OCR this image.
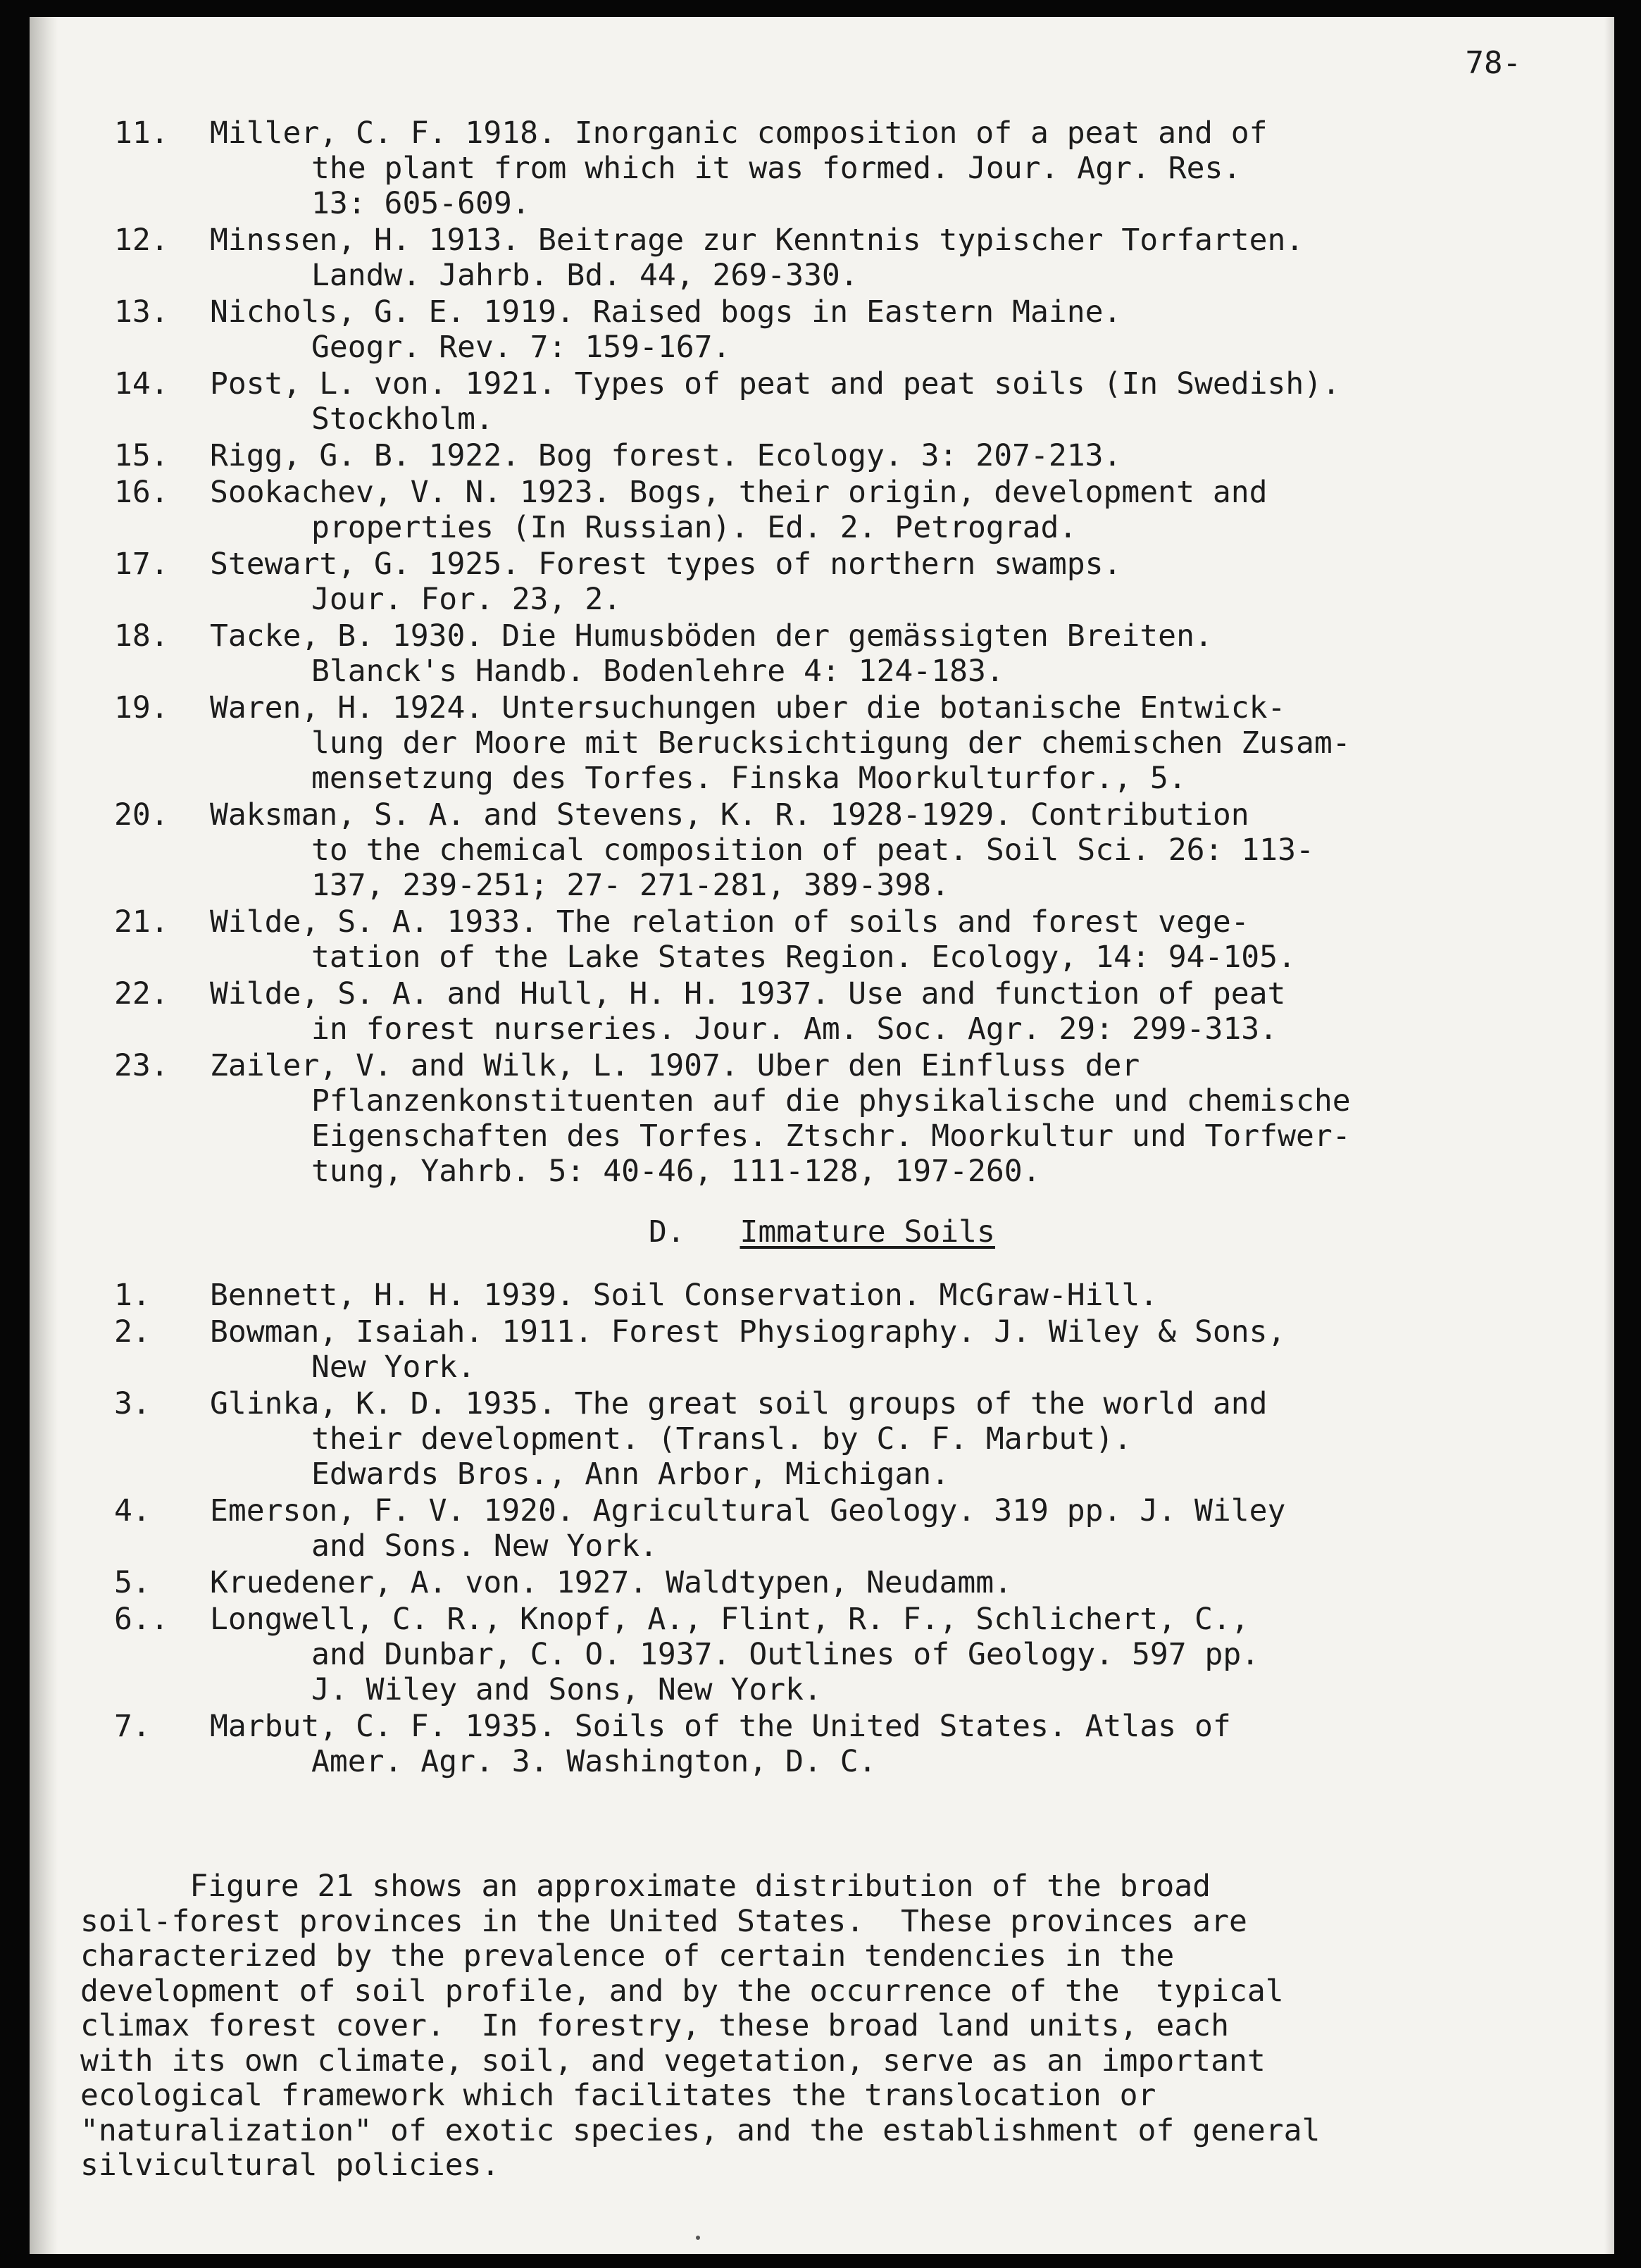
78-
11. Miller, C. F. 1918. Inorganic composition of a peat and of

the plant from which it was formed. Jour. Agr. Res.

13: 605-609.

12. Minssen, H. 1913. Beitrage zur Kenntnis typischer Torfarten.

Landw. Jahrb. Bd. 44, 269-330.

13. Nichols, G. E. 1919. Raised bogs in Eastern Maine.

Geogr. Rev. 7: 159-167.

14. Post, L. von. 1921. Types of peat and peat soils (In Swedish).

Stockholm.

15. Rigg, G. B. 1922. Bog forest. Ecology. 3: 207-213.

16. Sookachev, V. N. 1923. Bogs, their origin, development and

properties (In Russian). Ed. 2. Petrograd.

17. Stewart, G. 1925. Forest types of northern swamps.

Jour. For. 23, 2.

18. Tacke, B. 1930. Die Humusböden der gemässigten Breiten.

Blanck's Handb. Bodenlehre 4: 124-183.

19. Waren, H. 1924. Untersuchungen uber die botanische Entwick-

lung der Moore mit Berucksichtigung der chemischen Zusam-

mensetzung des Torfes. Finska Moorkulturfor., 5.

20. Waksman, S. A. and Stevens, K. R. 1928-1929. Contribution

to the chemical composition of peat. Soil Sci. 26: 113-

137, 239-251; 27- 271-281, 389-398.

21. Wilde, S. A. 1933. The relation of soils and forest vege-

tation of the Lake States Region. Ecology, 14: 94-105.

22. Wilde, S. A. and Hull, H. H. 1937. Use and function of peat

in forest nurseries. Jour. Am. Soc. Agr. 29: 299-313.

23. Zailer, V. and Wilk, L. 1907. Uber den Einfluss der

Pflanzenkonstituenten auf die physikalische und chemische

Eigenschaften des Torfes. Ztschr. Moorkultur und Torfwer-

tung, Yahrb. 5: 40-46, 111-128, 197-260.

D. Immature Soils
1. Bennett, H. H. 1939. Soil Conservation. McGraw-Hill.

2. Bowman, Isaiah. 1911. Forest Physiography. J. Wiley & Sons,

New York.

3. Glinka, K. D. 1935. The great soil groups of the world and

their development. (Transl. by C. F. Marbut).

Edwards Bros., Ann Arbor, Michigan.

4. Emerson, F. V. 1920. Agricultural Geology. 319 pp. J. Wiley

and Sons. New York.

5. Kruedener, A. von. 1927. Waldtypen, Neudamm.

6.. Longwell, C. R., Knopf, A., Flint, R. F., Schlichert, C.,

and Dunbar, C. O. 1937. Outlines of Geology. 597 pp.

J. Wiley and Sons, New York.

7. Marbut, C. F. 1935. Soils of the United States. Atlas of

Amer. Agr. 3. Washington, D. C.

Figure 21 shows an approximate distribution of the broad

soil-forest provinces in the United States.  These provinces are

characterized by the prevalence of certain tendencies in the

development of soil profile, and by the occurrence of the  typical

climax forest cover.  In forestry, these broad land units, each

with its own climate, soil, and vegetation, serve as an important

ecological framework which facilitates the translocation or

"naturalization" of exotic species, and the establishment of general

silvicultural policies.
